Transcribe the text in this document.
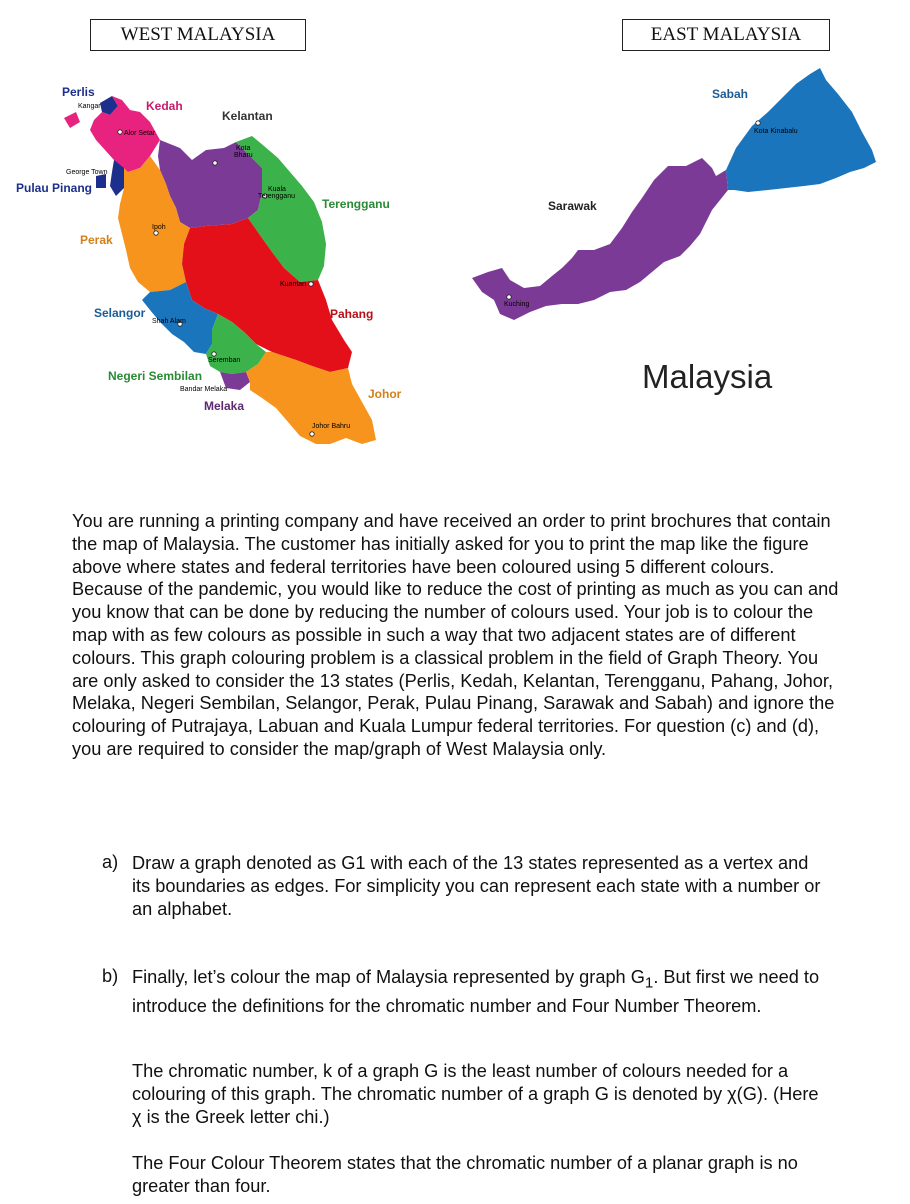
WEST MALAYSIA	EAST MALAYSIA
Perlis
Kedah
Kelantan
Pulau Pinang
Terengganu
Perak
Pahang
Selangor
Negeri Sembilan
Melaka
Johor
Sarawak
Sabah
Kangar
Alor Setar
Kota
Bharu
George Town
Ipoh
Kuala
Terengganu
Kuantan
Shah Alam
Seremban
Bandar Melaka
Johor Bahru
Kuching
Kota Kinabalu
Malaysia
You are running a printing company and have received an order to print brochures that contain the map of Malaysia. The customer has initially asked for you to print the map like the figure above where states and federal territories have been coloured using 5 different colours. Because of the pandemic, you would like to reduce the cost of printing as much as you can and you know that can be done by reducing the number of colours used. Your job is to colour the map with as few colours as possible in such a way that two adjacent states are of different colours. This graph colouring problem is a classical problem in the field of Graph Theory. You are only asked to consider the 13 states (Perlis, Kedah, Kelantan, Terengganu, Pahang, Johor, Melaka, Negeri Sembilan, Selangor, Perak, Pulau Pinang, Sarawak and Sabah) and ignore the colouring of Putrajaya, Labuan and Kuala Lumpur federal territories. For question (c) and (d), you are required to consider the map/graph of West Malaysia only.
a) Draw a graph denoted as G1 with each of the 13 states represented as a vertex and its boundaries as edges. For simplicity you can represent each state with a number or an alphabet.
b) Finally, let’s colour the map of Malaysia represented by graph $G_1$. But first we need to introduce the definitions for the chromatic number and Four Number Theorem.
The chromatic number, k of a graph G is the least number of colours needed for a colouring of this graph. The chromatic number of a graph G is denoted by χ(G). (Here χ is the Greek letter chi.)
The Four Colour Theorem states that the chromatic number of a planar graph is no greater than four.
